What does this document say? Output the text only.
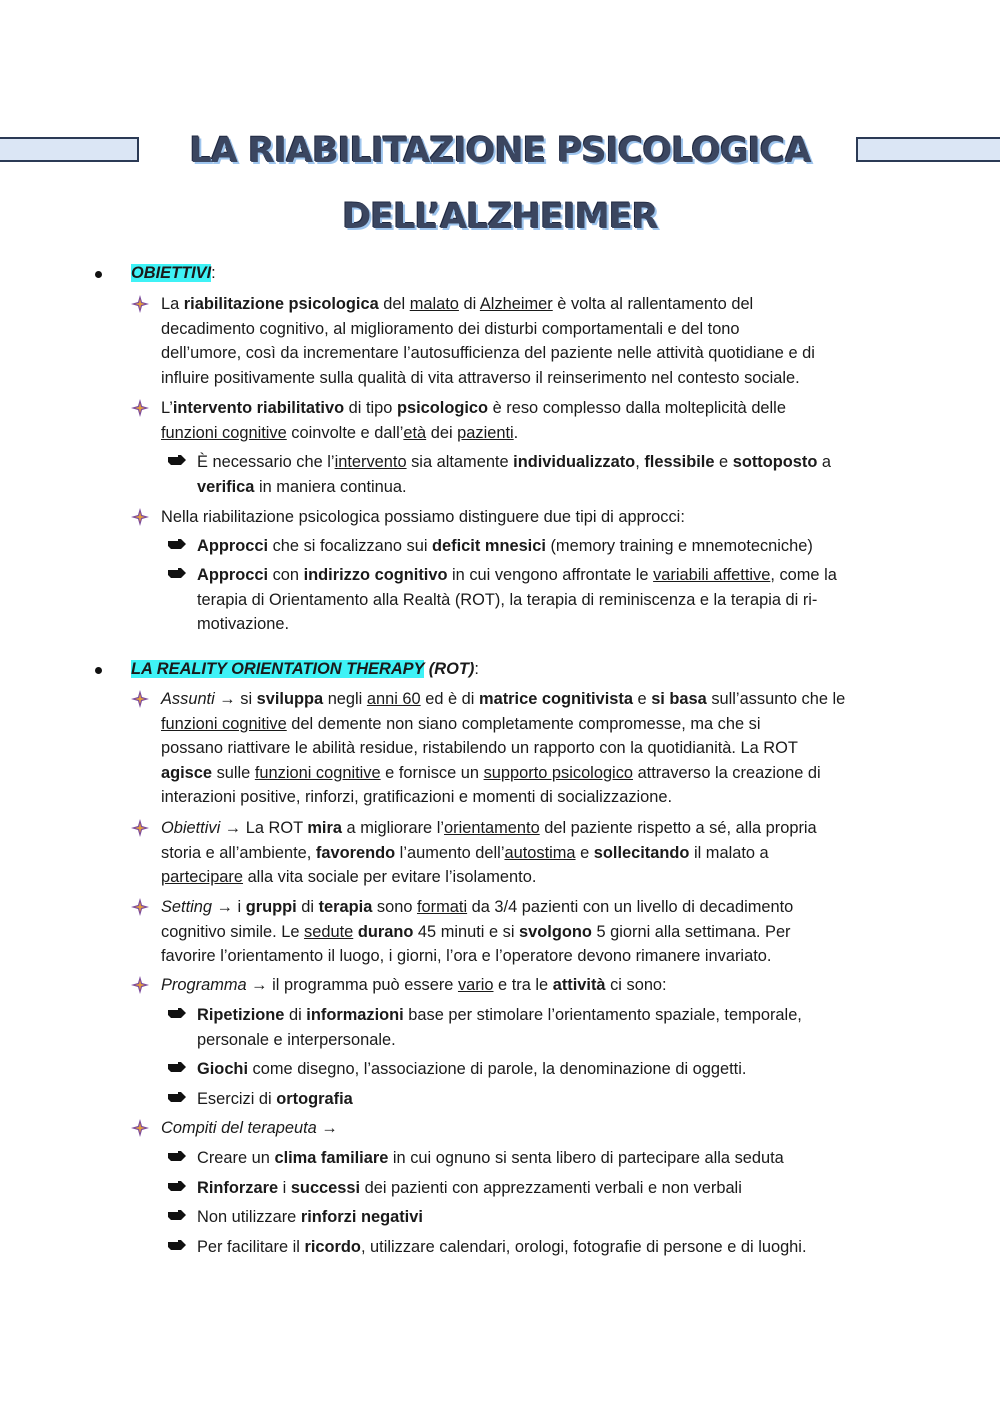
LA RIABILITAZIONE PSICOLOGICA
DELL’ALZHEIMER
OBIETTIVI:
La riabilitazione psicologica del malato di Alzheimer è volta al rallentamento del
decadimento cognitivo, al miglioramento dei disturbi comportamentali e del tono
dell’umore, così da incrementare l’autosufficienza del paziente nelle attività quotidiane e di
influire positivamente sulla qualità di vita attraverso il reinserimento nel contesto sociale.
L’intervento riabilitativo di tipo psicologico è reso complesso dalla molteplicità delle
funzioni cognitive coinvolte e dall’età dei pazienti.
È necessario che l’intervento sia altamente individualizzato, flessibile e sottoposto a
verifica in maniera continua.
Nella riabilitazione psicologica possiamo distinguere due tipi di approcci:
Approcci che si focalizzano sui deficit mnesici (memory training e mnemotecniche)
Approcci con indirizzo cognitivo in cui vengono affrontate le variabili affettive, come la
terapia di Orientamento alla Realtà (ROT), la terapia di reminiscenza e la terapia di ri-
motivazione.
LA REALITY ORIENTATION THERAPY (ROT):
Assunti → si sviluppa negli anni 60 ed è di matrice cognitivista e si basa sull’assunto che le
funzioni cognitive del demente non siano completamente compromesse, ma che si
possano riattivare le abilità residue, ristabilendo un rapporto con la quotidianità. La ROT
agisce sulle funzioni cognitive e fornisce un supporto psicologico attraverso la creazione di
interazioni positive, rinforzi, gratificazioni e momenti di socializzazione.
Obiettivi → La ROT mira a migliorare l’orientamento del paziente rispetto a sé, alla propria
storia e all’ambiente, favorendo l’aumento dell’autostima e sollecitando il malato a
partecipare alla vita sociale per evitare l’isolamento.
Setting → i gruppi di terapia sono formati da 3/4 pazienti con un livello di decadimento
cognitivo simile. Le sedute durano 45 minuti e si svolgono 5 giorni alla settimana. Per
favorire l’orientamento il luogo, i giorni, l’ora e l’operatore devono rimanere invariato.
Programma → il programma può essere vario e tra le attività ci sono:
Ripetizione di informazioni base per stimolare l’orientamento spaziale, temporale,
personale e interpersonale.
Giochi come disegno, l’associazione di parole, la denominazione di oggetti.
Esercizi di ortografia
Compiti del terapeuta →
Creare un clima familiare in cui ognuno si senta libero di partecipare alla seduta
Rinforzare i successi dei pazienti con apprezzamenti verbali e non verbali
Non utilizzare rinforzi negativi
Per facilitare il ricordo, utilizzare calendari, orologi, fotografie di persone e di luoghi.
